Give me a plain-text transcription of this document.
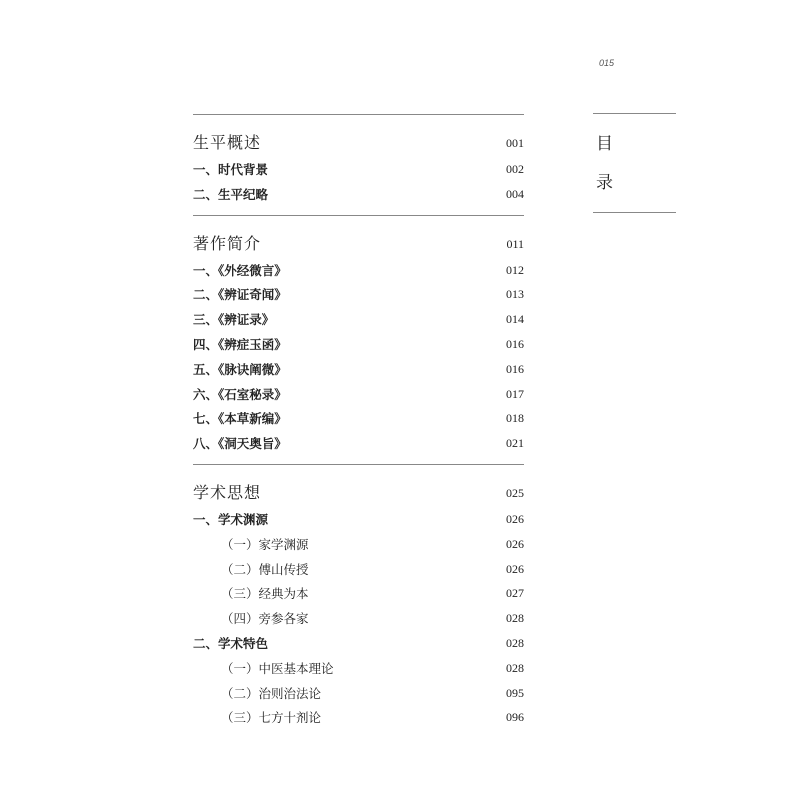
015
目
录
生平概述	001
一、时代背景	002
二、生平纪略	004
著作简介	011
一、《外经微言》	012
二、《辨证奇闻》	013
三、《辨证录》	014
四、《辨症玉函》	016
五、《脉诀阐微》	016
六、《石室秘录》	017
七、《本草新编》	018
八、《洞天奥旨》	021
学术思想	025
一、学术渊源	026
（一）家学渊源	026
（二）傅山传授	026
（三）经典为本	027
（四）旁参各家	028
二、学术特色	028
（一）中医基本理论	028
（二）治则治法论	095
（三）七方十剂论	096
